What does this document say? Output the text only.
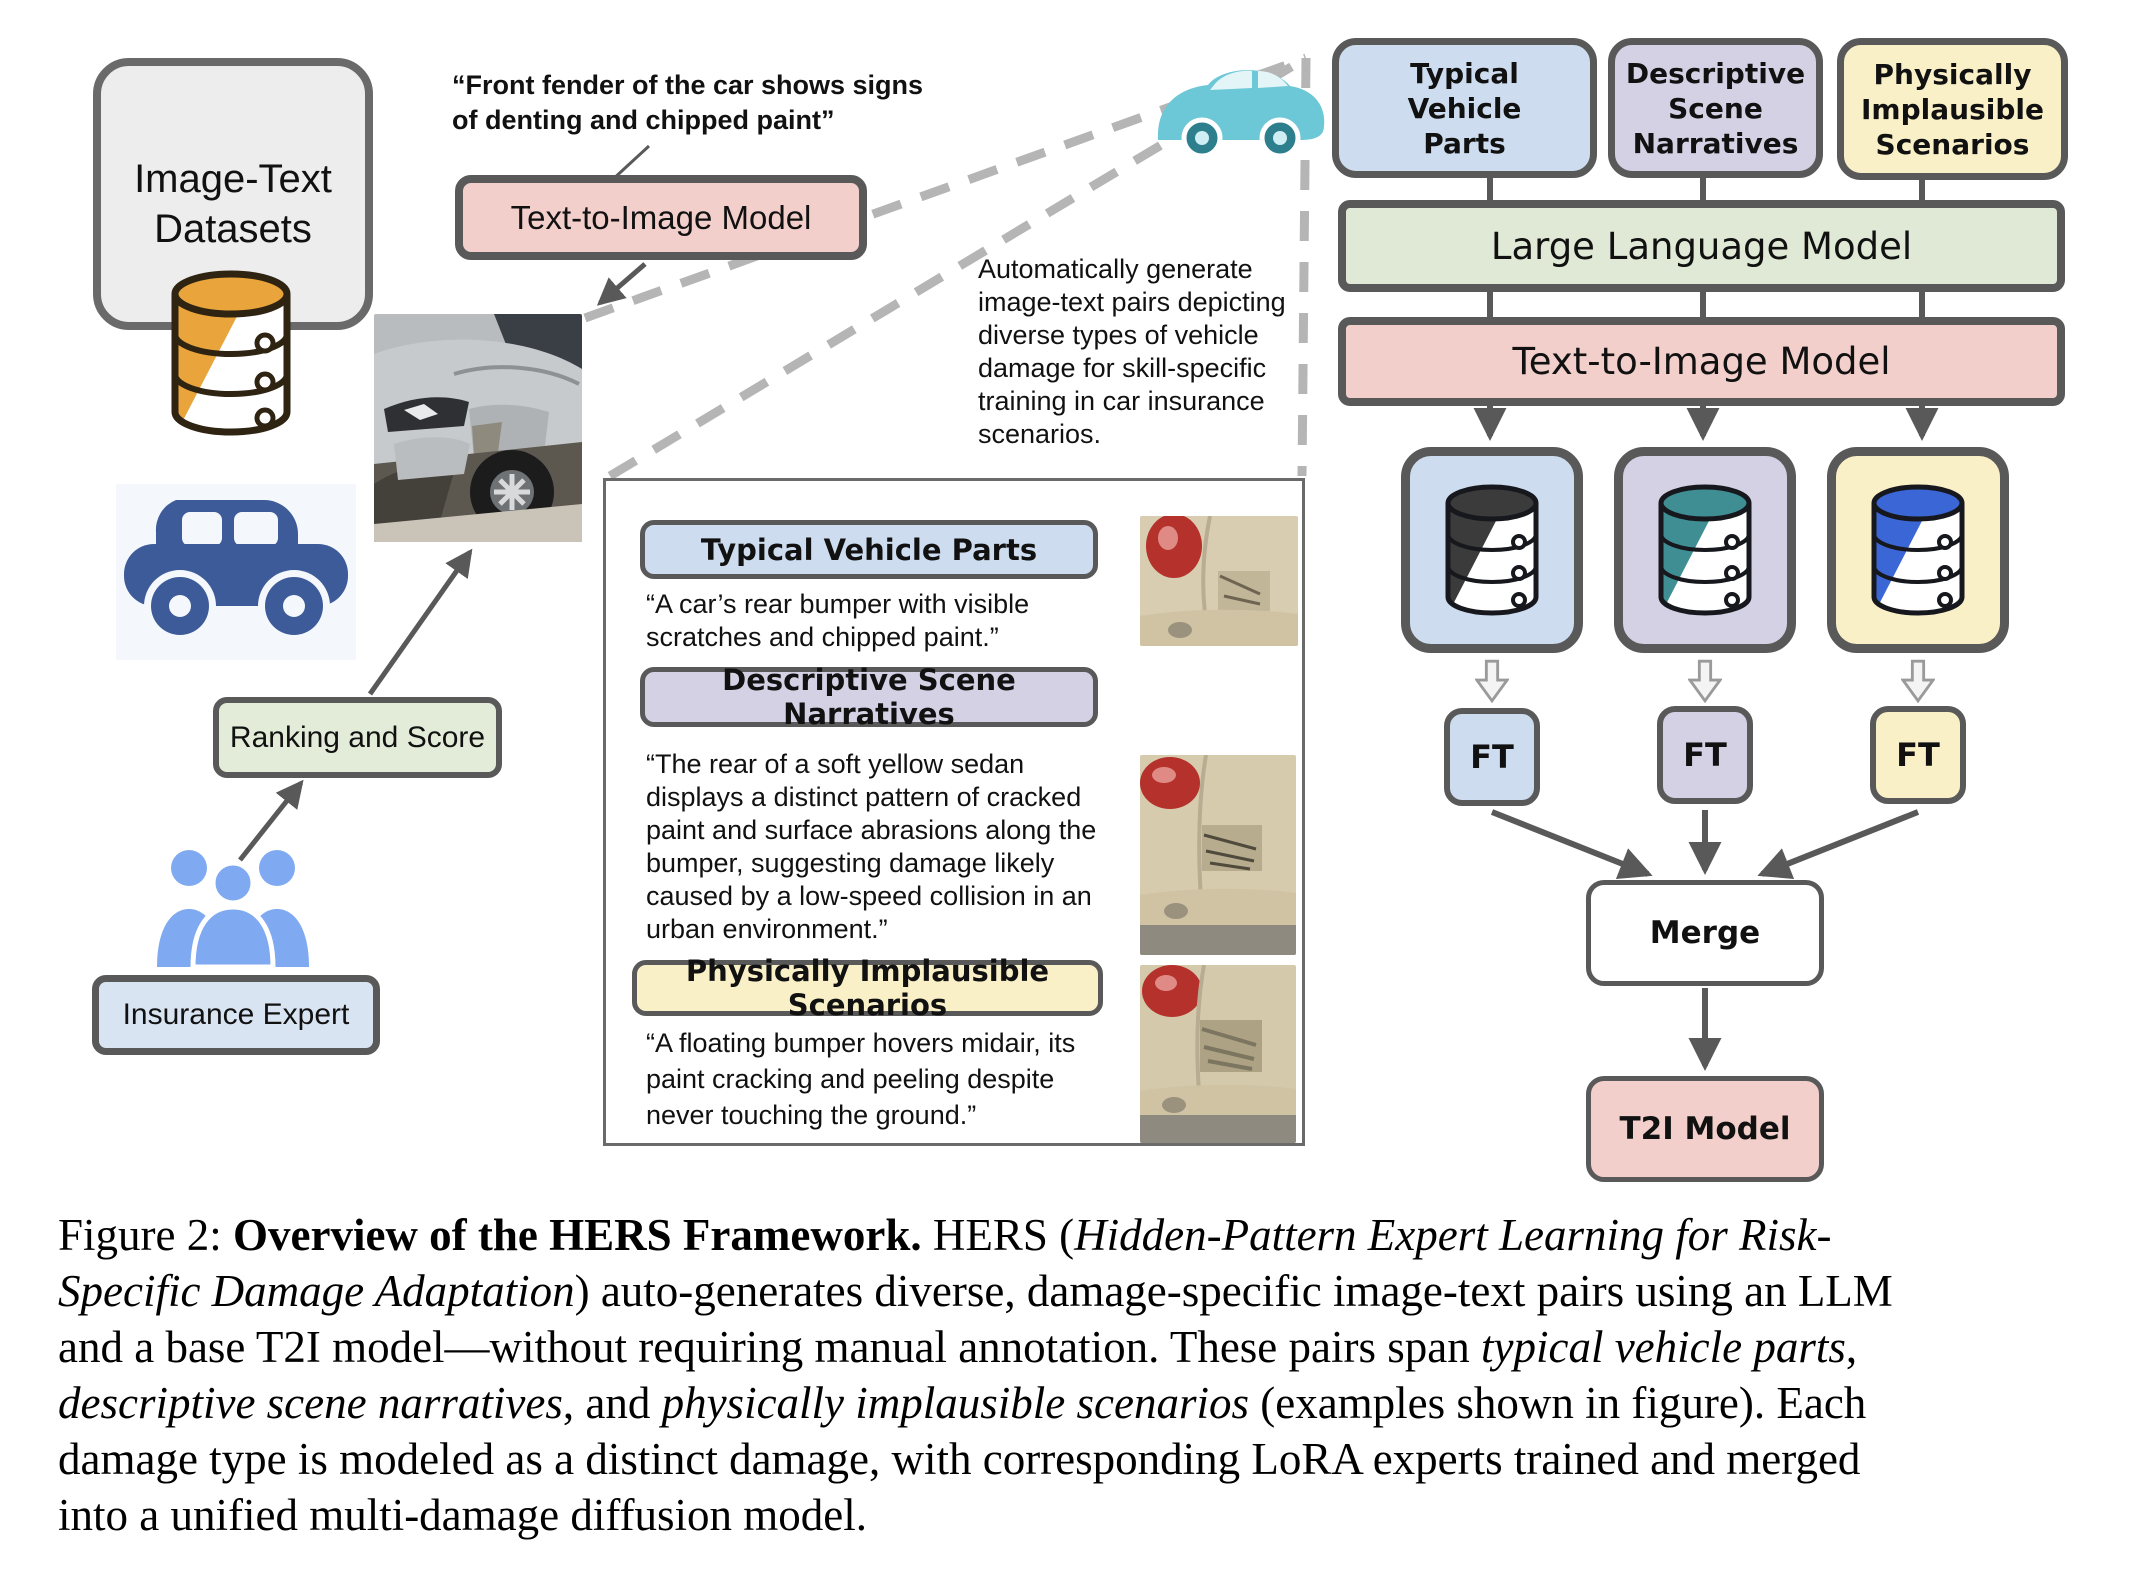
Image-Text
Datasets
Ranking and Score
Insurance Expert
“Front fender of the car shows signs
of denting and chipped paint”
Text-to-Image Model
Automatically generate
image-text pairs depicting
diverse types of vehicle
damage for skill-specific
training in car insurance
scenarios.
Typical Vehicle Parts
“A car’s rear bumper with visible
scratches and chipped paint.”
Descriptive Scene Narratives
“The rear of a soft yellow sedan
displays a distinct pattern of cracked
paint and surface abrasions along the
bumper, suggesting damage likely
caused by a low-speed collision in an
urban environment.”
Physically Implausible Scenarios
“A floating bumper hovers midair, its
paint cracking and peeling despite
never touching the ground.”
Typical
Vehicle
Parts
Descriptive
Scene
Narratives
Physically
Implausible
Scenarios
Large Language Model
Text-to-Image Model
FT	FT	FT
Merge
T2I Model
Figure 2: Overview of the HERS Framework. HERS (Hidden-Pattern Expert Learning for Risk-
Specific Damage Adaptation) auto-generates diverse, damage-specific image-text pairs using an LLM
and a base T2I model—without requiring manual annotation. These pairs span typical vehicle parts,
descriptive scene narratives, and physically implausible scenarios (examples shown in figure). Each
damage type is modeled as a distinct damage, with corresponding LoRA experts trained and merged
into a unified multi-damage diffusion model.
